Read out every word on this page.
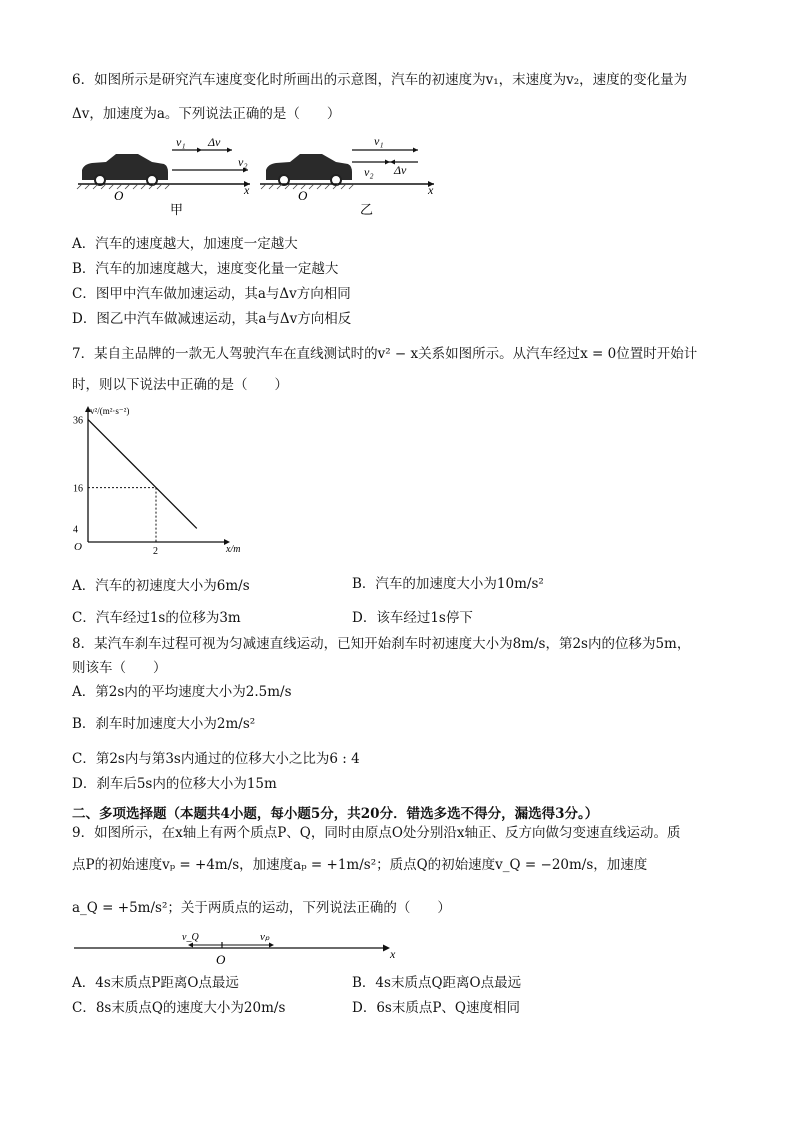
6．如图所示是研究汽车速度变化时所画出的示意图，汽车的初速度为v₁，末速度为v₂，速度的变化量为
Δv，加速度为a。下列说法正确的是（　　）
v₁ Δv
v₂
O	x
甲
v₁
v₂ Δv
O	x
乙
A．汽车的速度越大，加速度一定越大
B．汽车的加速度越大，速度变化量一定越大
C．图甲中汽车做加速运动，其a与Δv方向相同
D．图乙中汽车做减速运动，其a与Δv方向相反
7．某自主品牌的一款无人驾驶汽车在直线测试时的v² − x关系如图所示。从汽车经过x = 0位置时开始计
时，则以下说法中正确的是（　　）
v²/(m²·s⁻²)
x/m
O
36
16
4
2
A．汽车的初速度大小为6m/s	B．汽车的加速度大小为10m/s²
C．汽车经过1s的位移为3m	D．该车经过1s停下
8．某汽车刹车过程可视为匀减速直线运动，已知开始刹车时初速度大小为8m/s，第2s内的位移为5m，
则该车（　　）
A．第2s内的平均速度大小为2.5m/s
B．刹车时加速度大小为2m/s²
C．第2s内与第3s内通过的位移大小之比为6 : 4
D．刹车后5s内的位移大小为15m
二、多项选择题（本题共4小题，每小题5分，共20分．错选多选不得分，漏选得3分。）
9．如图所示，在x轴上有两个质点P、Q，同时由原点O处分别沿x轴正、反方向做匀变速直线运动。质
点P的初始速度vₚ = +4m/s，加速度aₚ = +1m/s²；质点Q的初始速度v_Q = −20m/s，加速度
a_Q = +5m/s²；关于两质点的运动，下列说法正确的（　　）
v_Q	vₚ
O	x
A．4s末质点P距离O点最远	B．4s末质点Q距离O点最远
C．8s末质点Q的速度大小为20m/s	D．6s末质点P、Q速度相同
